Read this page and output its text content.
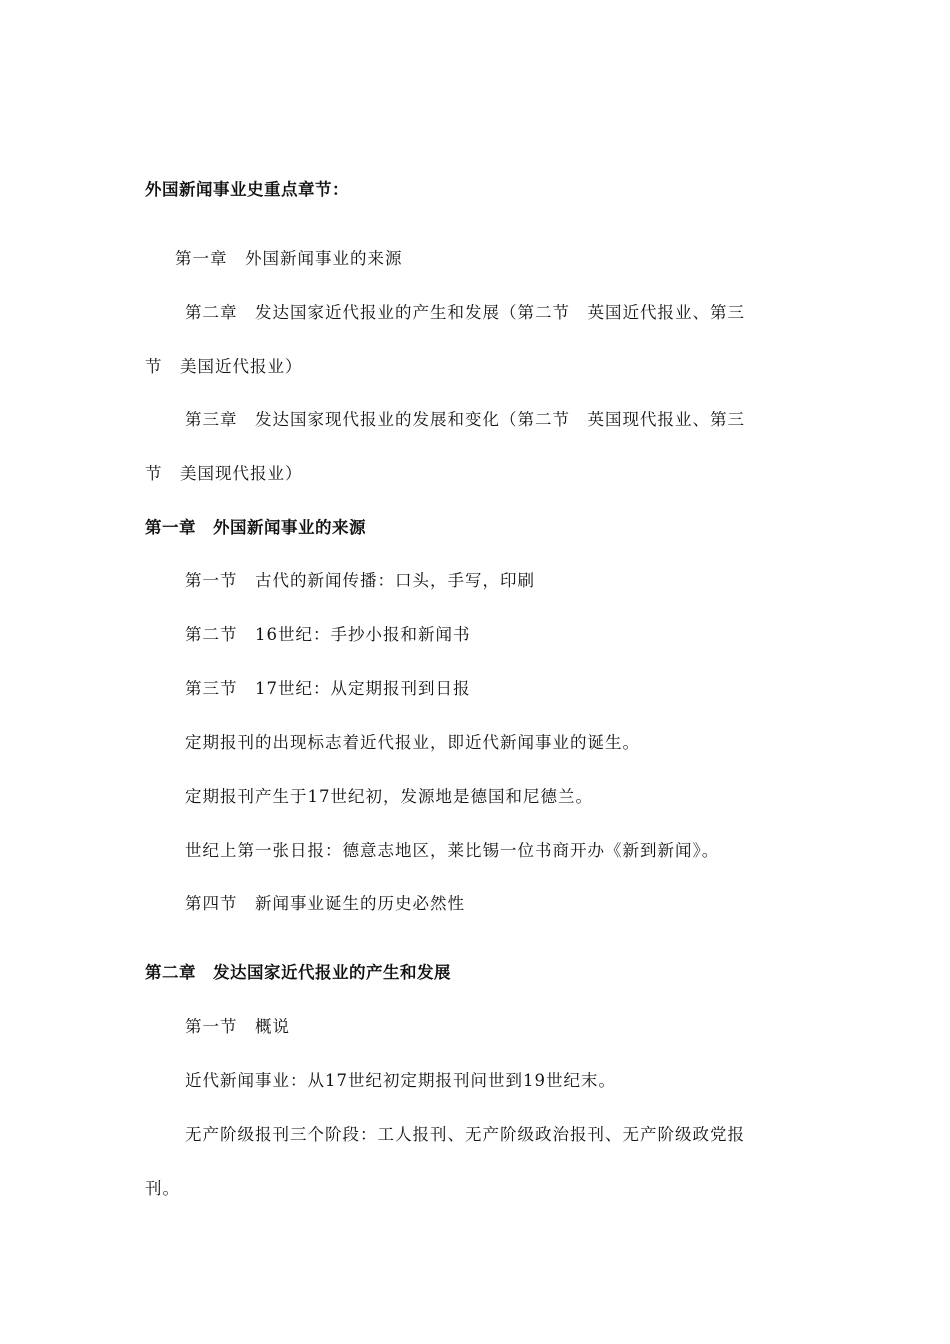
外国新闻事业史重点章节：
第一章　外国新闻事业的来源
第二章　发达国家近代报业的产生和发展（第二节　英国近代报业、第三
节　美国近代报业）
第三章　发达国家现代报业的发展和变化（第二节　英国现代报业、第三
节　美国现代报业）
第一章　外国新闻事业的来源
第一节　古代的新闻传播：口头，手写，印刷
第二节　16世纪：手抄小报和新闻书
第三节　17世纪：从定期报刊到日报
定期报刊的出现标志着近代报业，即近代新闻事业的诞生。
定期报刊产生于17世纪初，发源地是德国和尼德兰。
世纪上第一张日报：德意志地区，莱比锡一位书商开办《新到新闻》。
第四节　新闻事业诞生的历史必然性
第二章　发达国家近代报业的产生和发展
第一节　概说
近代新闻事业：从17世纪初定期报刊问世到19世纪末。
无产阶级报刊三个阶段：工人报刊、无产阶级政治报刊、无产阶级政党报
刊。
